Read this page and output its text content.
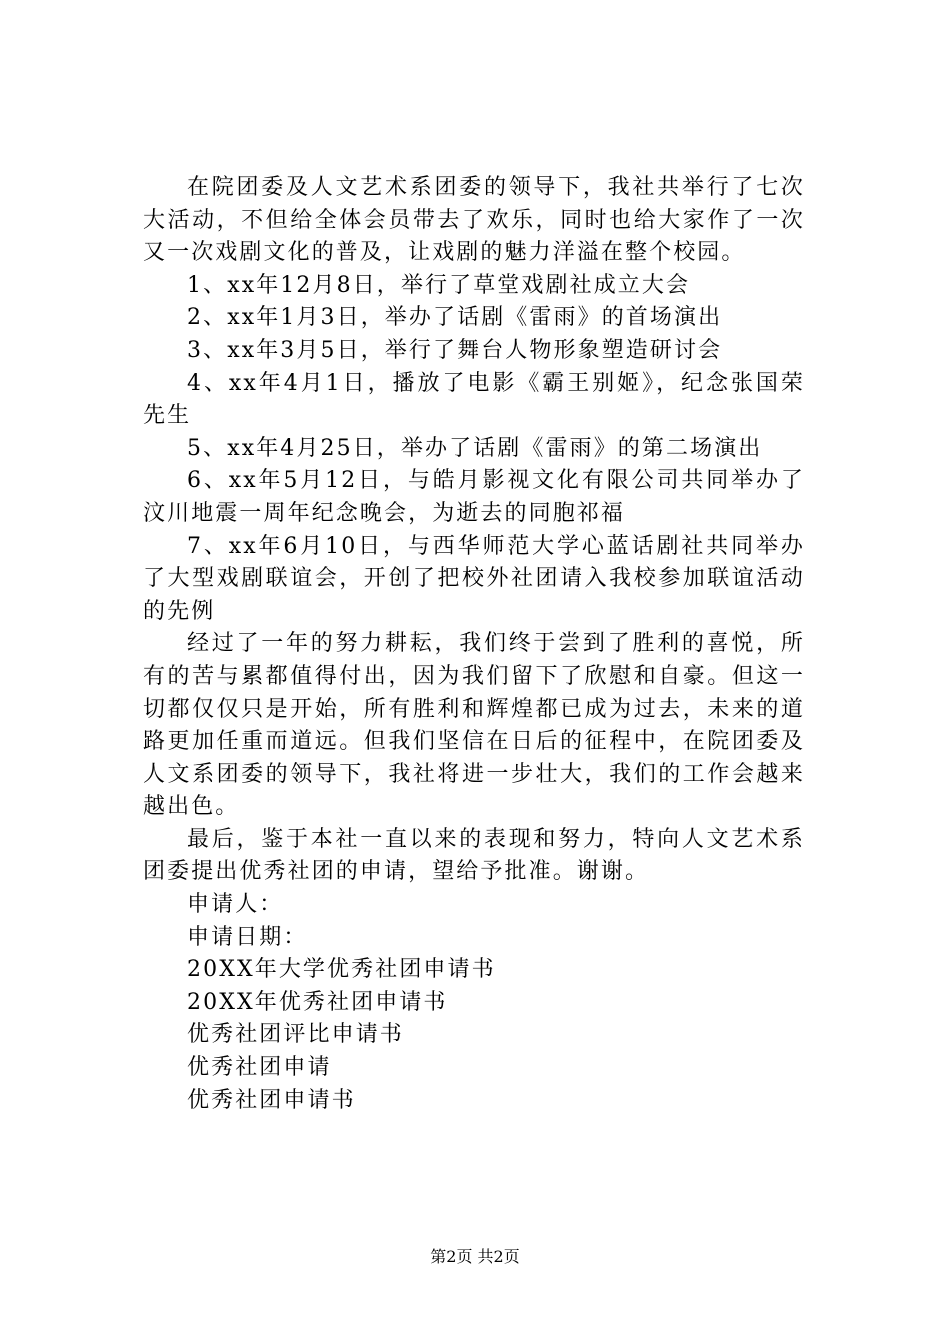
在院团委及人文艺术系团委的领导下，我社共举行了七次大活动，不但给全体会员带去了欢乐，同时也给大家作了一次又一次戏剧文化的普及，让戏剧的魅力洋溢在整个校园。

1、xx年12月8日，举行了草堂戏剧社成立大会

2、xx年1月3日，举办了话剧《雷雨》的首场演出

3、xx年3月5日，举行了舞台人物形象塑造研讨会

4、xx年4月1日，播放了电影《霸王别姬》，纪念张国荣先生

5、xx年4月25日，举办了话剧《雷雨》的第二场演出

6、xx年5月12日，与皓月影视文化有限公司共同举办了汶川地震一周年纪念晚会，为逝去的同胞祁福

7、xx年6月10日，与西华师范大学心蓝话剧社共同举办了大型戏剧联谊会，开创了把校外社团请入我校参加联谊活动的先例

经过了一年的努力耕耘，我们终于尝到了胜利的喜悦，所有的苦与累都值得付出，因为我们留下了欣慰和自豪。但这一切都仅仅只是开始，所有胜利和辉煌都已成为过去，未来的道路更加任重而道远。但我们坚信在日后的征程中，在院团委及人文系团委的领导下，我社将进一步壮大，我们的工作会越来越出色。

最后，鉴于本社一直以来的表现和努力，特向人文艺术系团委提出优秀社团的申请，望给予批准。谢谢。

申请人：

申请日期：

20XX年大学优秀社团申请书

20XX年优秀社团申请书

优秀社团评比申请书

优秀社团申请

优秀社团申请书

第2页 共2页
